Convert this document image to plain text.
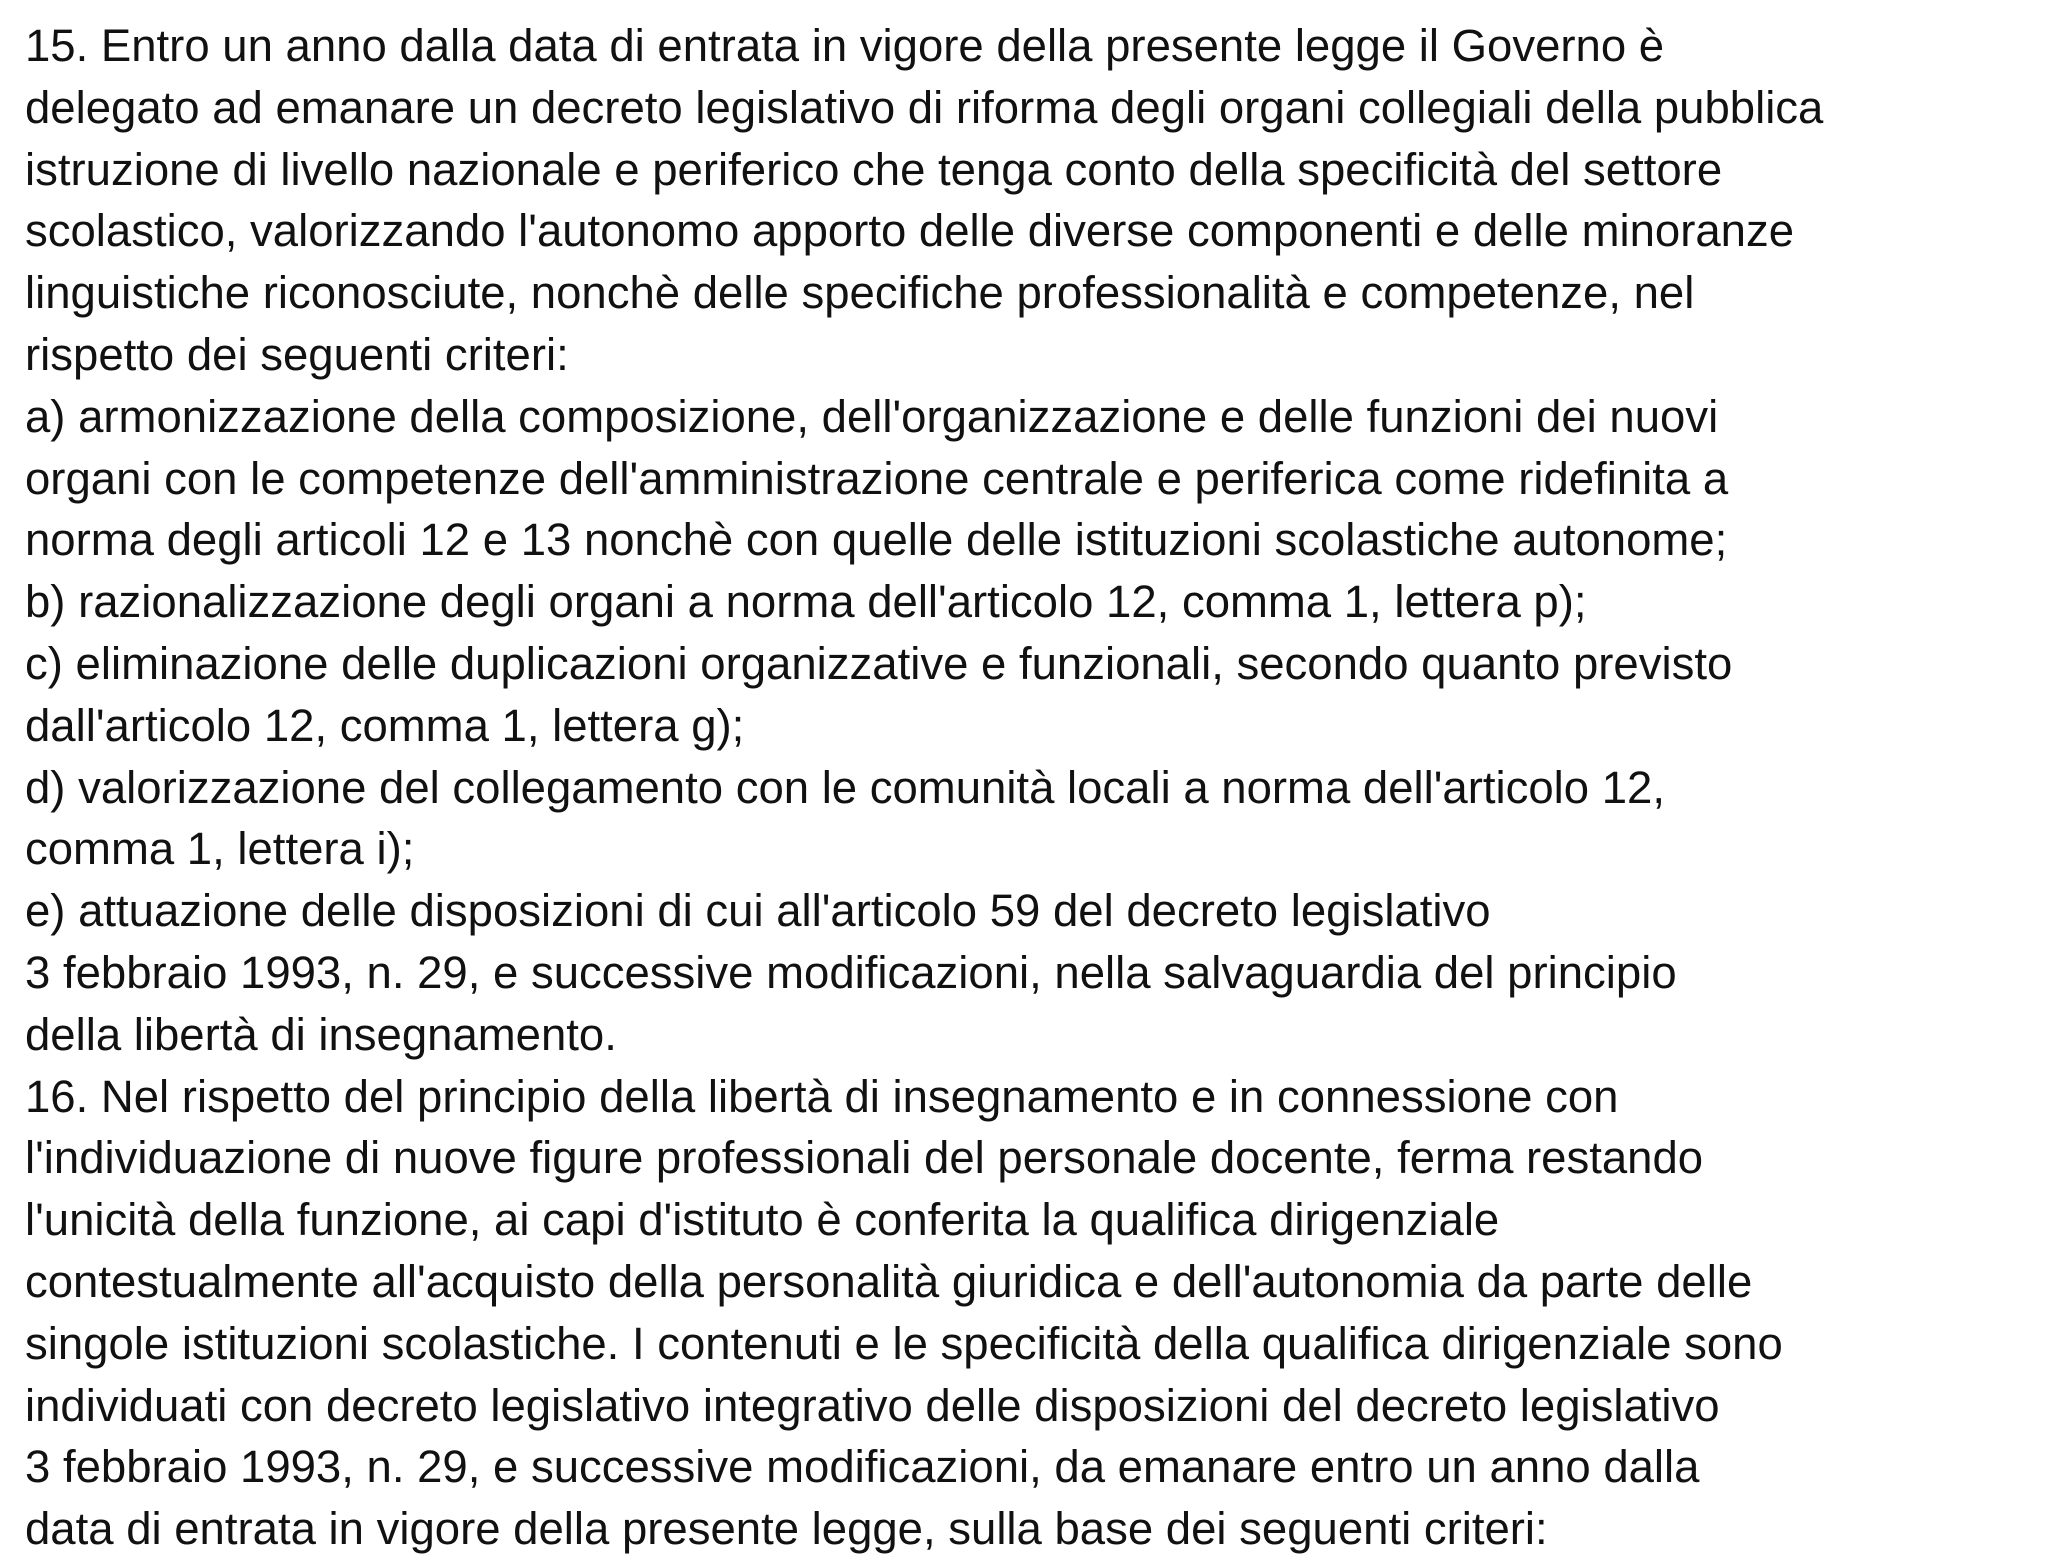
15. Entro un anno dalla data di entrata in vigore della presente legge il Governo è
delegato ad emanare un decreto legislativo di riforma degli organi collegiali della pubblica
istruzione di livello nazionale e periferico che tenga conto della specificità del settore
scolastico, valorizzando l'autonomo apporto delle diverse componenti e delle minoranze
linguistiche riconosciute, nonchè delle specifiche professionalità e competenze, nel
rispetto dei seguenti criteri:
a) armonizzazione della composizione, dell'organizzazione e delle funzioni dei nuovi
organi con le competenze dell'amministrazione centrale e periferica come ridefinita a
norma degli articoli 12 e 13 nonchè con quelle delle istituzioni scolastiche autonome;
b) razionalizzazione degli organi a norma dell'articolo 12, comma 1, lettera p);
c) eliminazione delle duplicazioni organizzative e funzionali, secondo quanto previsto
dall'articolo 12, comma 1, lettera g);
d) valorizzazione del collegamento con le comunità locali a norma dell'articolo 12,
comma 1, lettera i);
e) attuazione delle disposizioni di cui all'articolo 59 del decreto legislativo
3 febbraio 1993, n. 29, e successive modificazioni, nella salvaguardia del principio
della libertà di insegnamento.
16. Nel rispetto del principio della libertà di insegnamento e in connessione con
l'individuazione di nuove figure professionali del personale docente, ferma restando
l'unicità della funzione, ai capi d'istituto è conferita la qualifica dirigenziale
contestualmente all'acquisto della personalità giuridica e dell'autonomia da parte delle
singole istituzioni scolastiche. I contenuti e le specificità della qualifica dirigenziale sono
individuati con decreto legislativo integrativo delle disposizioni del decreto legislativo
3 febbraio 1993, n. 29, e successive modificazioni, da emanare entro un anno dalla
data di entrata in vigore della presente legge, sulla base dei seguenti criteri:
